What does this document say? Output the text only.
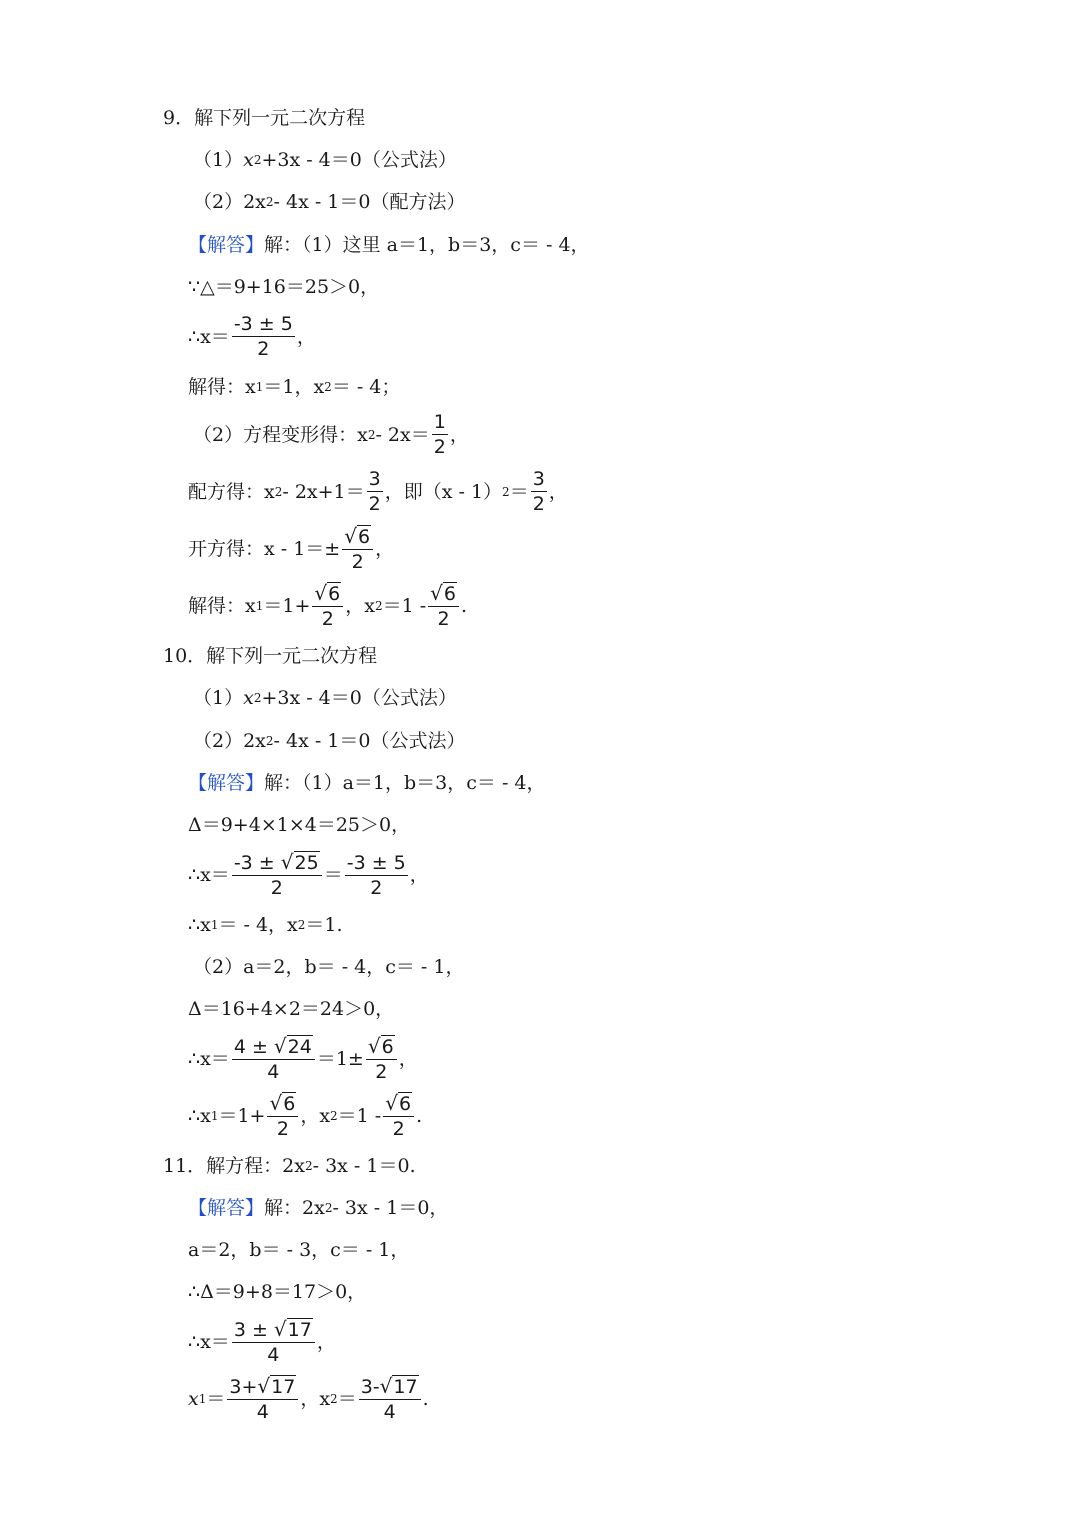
9．解下列一元二次方程
（1） x 2 +3x - 4＝0（公式法）
（2）2x 2 - 4x - 1＝0（配方法）
【解答】 解：（1）这里 a＝1，b＝3，c＝ - 4，
∵△＝9+16＝25＞0，
∴x＝ $\frac{-3 \pm 5}{2}$ ，
解得：x 1 ＝1，x 2 ＝ - 4；
（2）方程变形得：x $2 - 2x= \frac{1}{2}$ ，
配方得：x $2 - 2x+1= \frac{3}{2}$ ，即（x - 1） $2 = \frac{3}{2}$ ，
开方得：$x - 1=\pm \frac{√6}{2}$ ，
解得：x $1 =1+ \frac{√6}{2}$ ，x $2 =1 - \frac{√6}{2}$ .
10．解下列一元二次方程
（1） x 2 +3x - 4＝0（公式法）
（2）2x 2 - 4x - 1＝0（公式法）
【解答】 解：（1）a＝1，b＝3，c＝ - 4，
Δ＝9+4×1×4＝25＞0，
∴x＝ $\frac{-3 \pm √25}{2} = \frac{-3 \pm 5}{2}$ ，
∴x 1 ＝ - 4，x 2 ＝1.
（2）a＝2，b＝ - 4，c＝ - 1，
Δ＝16+4×2＝24＞0，
∴x＝ $\frac{4 \pm √24}{4} =1\pm \frac{√6}{2}$ ，
∴x $1 =1+ \frac{√6}{2}$ ，x $2 =1 - \frac{√6}{2}$ .
11．解方程：2x 2 - 3x - 1＝0.
【解答】 解：2x 2 - 3x - 1＝0，
a＝2，b＝ - 3，c＝ - 1，
∴Δ＝9+8＝17＞0，
∴x＝ $\frac{3 \pm √17}{4}$ ，
x $1 = \frac{3+√17}{4}$ ，x $2 = \frac{3-√17}{4}$ .
